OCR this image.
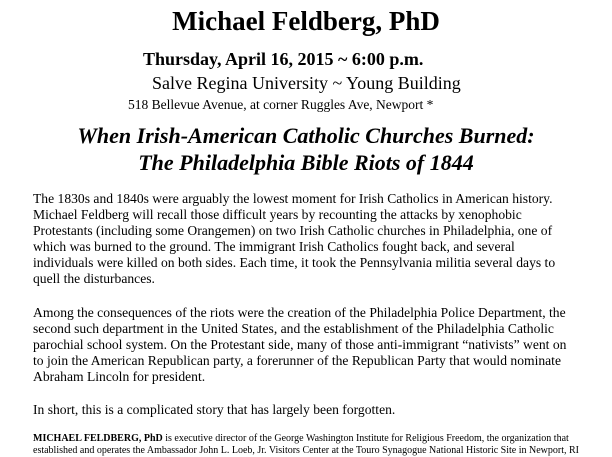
Michael Feldberg, PhD
Thursday, April 16, 2015 ~ 6:00 p.m.
Salve Regina University ~ Young Building
518 Bellevue Avenue, at corner Ruggles Ave, Newport *
When Irish-American Catholic Churches Burned:
The Philadelphia Bible Riots of 1844
The 1830s and 1840s were arguably the lowest moment for Irish Catholics in American history.
Michael Feldberg will recall those difficult years by recounting the attacks by xenophobic
Protestants (including some Orangemen) on two Irish Catholic churches in Philadelphia, one of
which was burned to the ground. The immigrant Irish Catholics fought back, and several
individuals were killed on both sides. Each time, it took the Pennsylvania militia several days to
quell the disturbances.
Among the consequences of the riots were the creation of the Philadelphia Police Department, the
second such department in the United States, and the establishment of the Philadelphia Catholic
parochial school system. On the Protestant side, many of those anti-immigrant “nativists” went on
to join the American Republican party, a forerunner of the Republican Party that would nominate
Abraham Lincoln for president.
In short, this is a complicated story that has largely been forgotten.
MICHAEL FELDBERG, PhD is executive director of the George Washington Institute for Religious Freedom, the organization that
established and operates the Ambassador John L. Loeb, Jr. Visitors Center at the Touro Synagogue National Historic Site in Newport, RI
